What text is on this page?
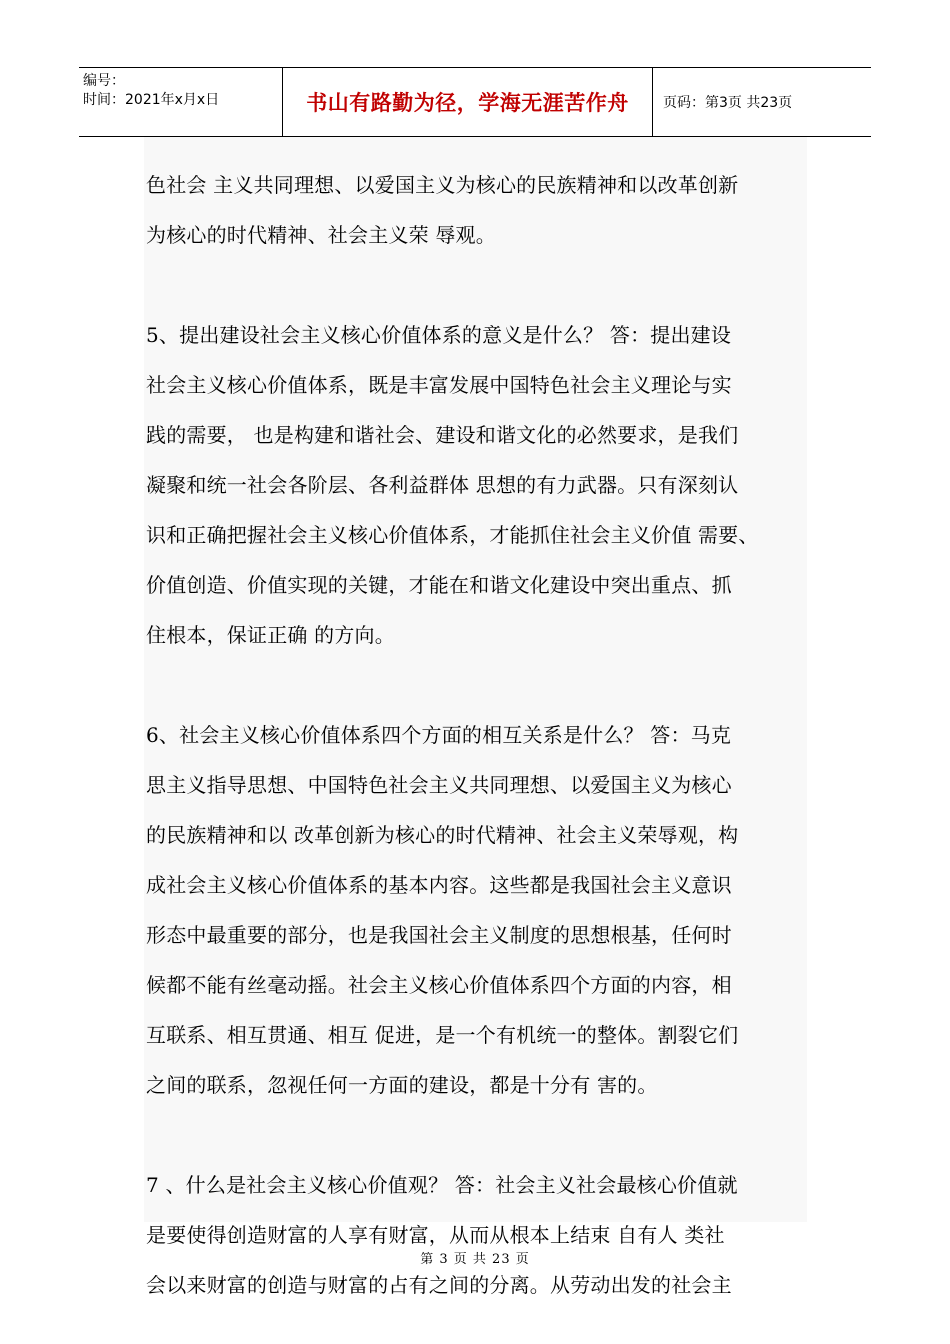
编号：
时间：2021年x月x日	书山有路勤为径，学海无涯苦作舟 页码：第3页 共23页
色社会 主义共同理想、以爱国主义为核心的民族精神和以改革创新
为核心的时代精神、社会主义荣 辱观。
5、提出建设社会主义核心价值体系的意义是什么？ 答：提出建设
社会主义核心价值体系，既是丰富发展中国特色社会主义理论与实
践的需要， 也是构建和谐社会、建设和谐文化的必然要求，是我们
凝聚和统一社会各阶层、各利益群体 思想的有力武器。只有深刻认
识和正确把握社会主义核心价值体系，才能抓住社会主义价值 需要、
价值创造、价值实现的关键，才能在和谐文化建设中突出重点、抓
住根本，保证正确 的方向。
6、社会主义核心价值体系四个方面的相互关系是什么？ 答：马克
思主义指导思想、中国特色社会主义共同理想、以爱国主义为核心
的民族精神和以 改革创新为核心的时代精神、社会主义荣辱观，构
成社会主义核心价值体系的基本内容。这些都是我国社会主义意识
形态中最重要的部分，也是我国社会主义制度的思想根基，任何时
候都不能有丝毫动摇。社会主义核心价值体系四个方面的内容，相
互联系、相互贯通、相互 促进，是一个有机统一的整体。割裂它们
之间的联系，忽视任何一方面的建设，都是十分有 害的。
7 、什么是社会主义核心价值观？ 答：社会主义社会最核心价值就
是要使得创造财富的人享有财富，从而从根本上结束 自有人 类社
会以来财富的创造与财富的占有之间的分离。从劳动出发的社会主
第 3 页 共 23 页
